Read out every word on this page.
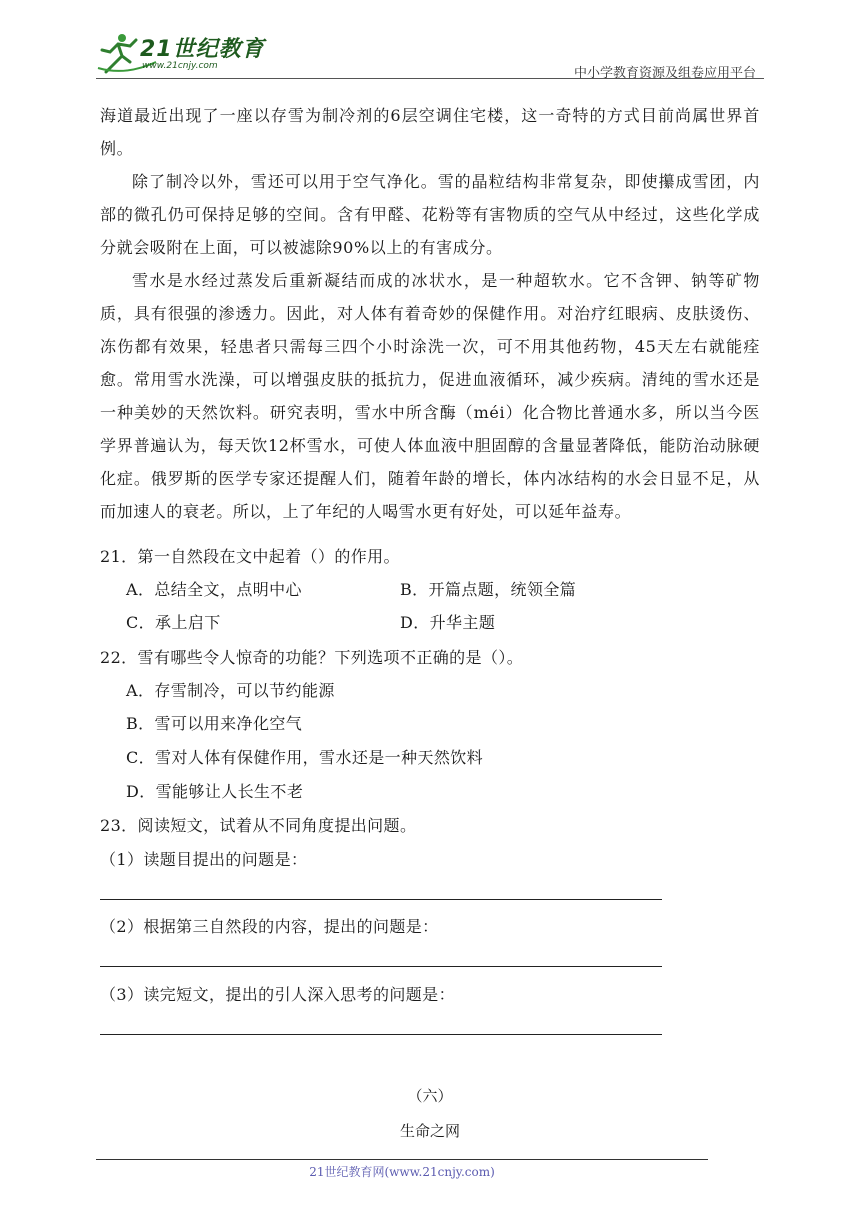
21世纪教育
www.21cnjy.com	中小学教育资源及组卷应用平台

海道最近出现了一座以存雪为制冷剂的6层空调住宅楼，这一奇特的方式目前尚属世界首例。

除了制冷以外，雪还可以用于空气净化。雪的晶粒结构非常复杂，即使攥成雪团，内部的微孔仍可保持足够的空间。含有甲醛、花粉等有害物质的空气从中经过，这些化学成分就会吸附在上面，可以被滤除90%以上的有害成分。

雪水是水经过蒸发后重新凝结而成的冰状水，是一种超软水。它不含钾、钠等矿物质，具有很强的渗透力。因此，对人体有着奇妙的保健作用。对治疗红眼病、皮肤烫伤、冻伤都有效果，轻患者只需每三四个小时涂洗一次，可不用其他药物，45天左右就能痊愈。常用雪水洗澡，可以增强皮肤的抵抗力，促进血液循环，减少疾病。清纯的雪水还是一种美妙的天然饮料。研究表明，雪水中所含酶（méi）化合物比普通水多，所以当今医学界普遍认为，每天饮12杯雪水，可使人体血液中胆固醇的含量显著降低，能防治动脉硬化症。俄罗斯的医学专家还提醒人们，随着年龄的增长，体内冰结构的水会日显不足，从而加速人的衰老。所以，上了年纪的人喝雪水更有好处，可以延年益寿。

21．第一自然段在文中起着（）的作用。

A．总结全文，点明中心	B．开篇点题，统领全篇
C．承上启下	D．升华主题

22．雪有哪些令人惊奇的功能？下列选项不正确的是（）。

A．存雪制冷，可以节约能源
B．雪可以用来净化空气
C．雪对人体有保健作用，雪水还是一种天然饮料
D．雪能够让人长生不老

23．阅读短文，试着从不同角度提出问题。

（1）读题目提出的问题是：

（2）根据第三自然段的内容，提出的问题是：

（3）读完短文，提出的引人深入思考的问题是：

（六）
生命之网
21世纪教育网(www.21cnjy.com)
